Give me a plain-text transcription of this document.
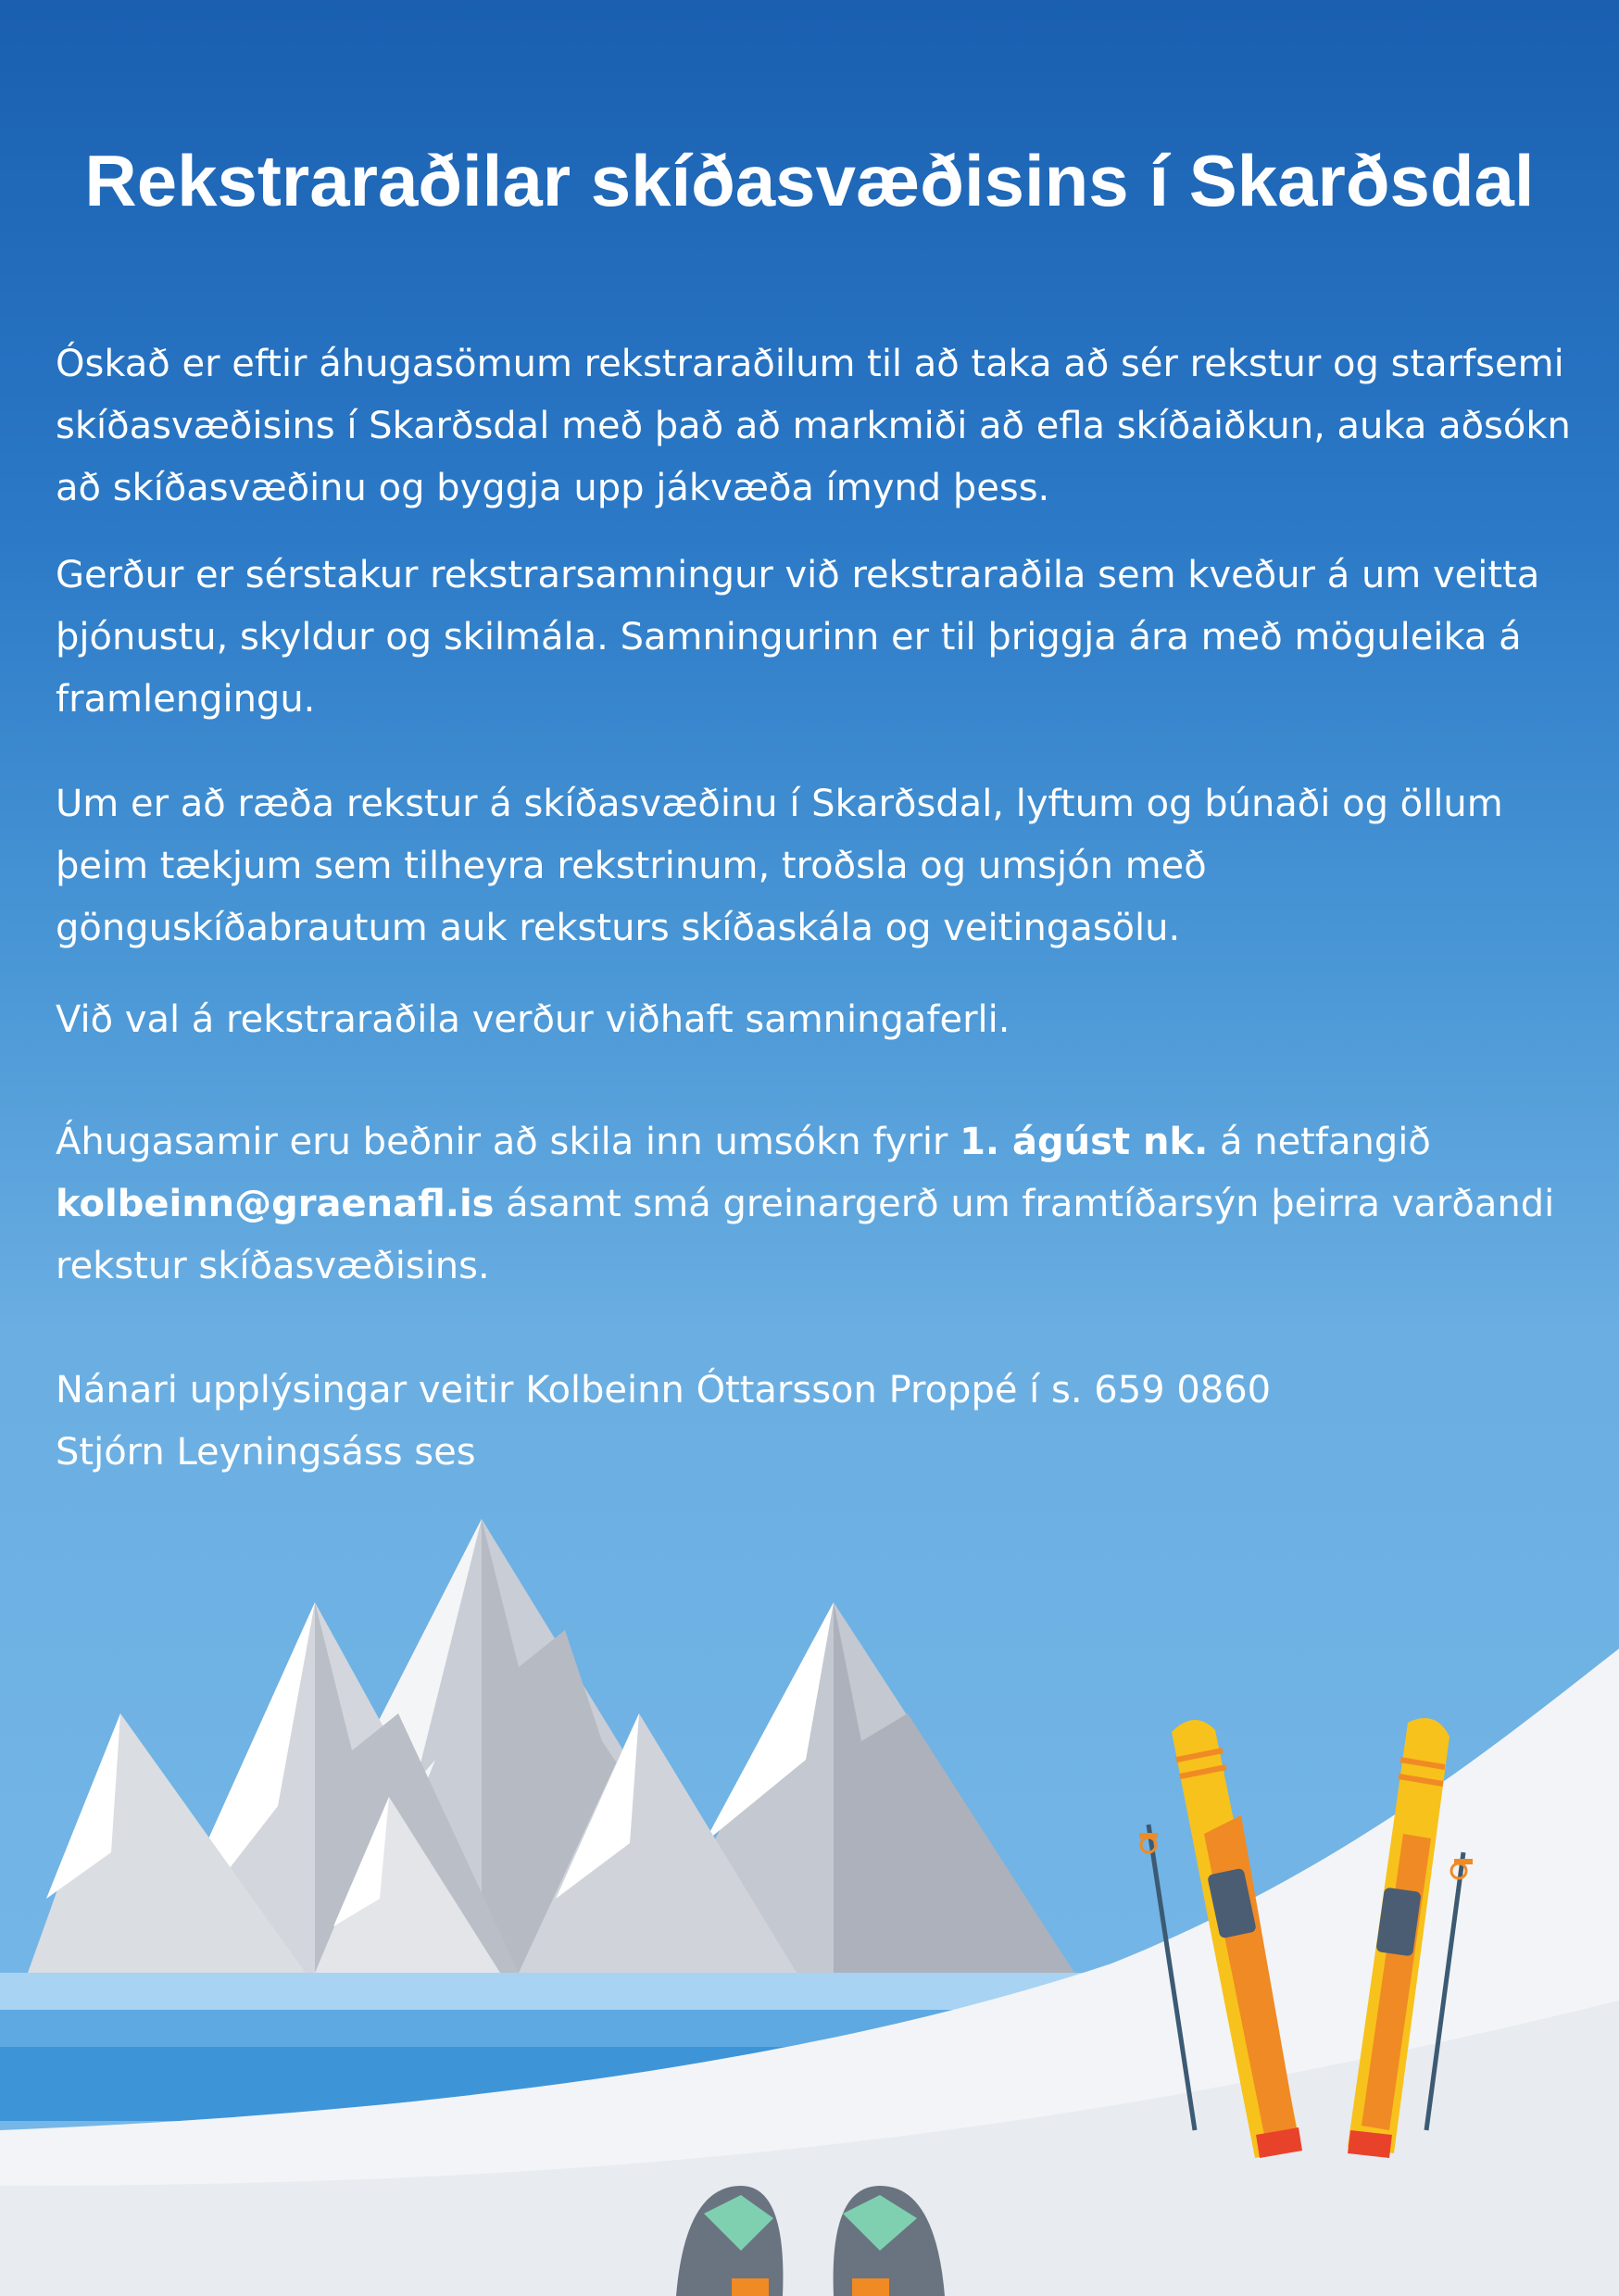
Rekstraraðilar skíðasvæðisins í Skarðsdal

Óskað er eftir áhugasömum rekstraraðilum til að taka að sér rekstur og starfsemi skíðasvæðisins í Skarðsdal með það að markmiði að efla skíðaiðkun, auka aðsókn að skíðasvæðinu og byggja upp jákvæða ímynd þess.

Gerður er sérstakur rekstrarsamningur við rekstraraðila sem kveður á um veitta þjónustu, skyldur og skilmála. Samningurinn er til þriggja ára með möguleika á framlengingu.

Um er að ræða rekstur á skíðasvæðinu í Skarðsdal, lyftum og búnaði og öllum þeim tækjum sem tilheyra rekstrinum, troðsla og umsjón með gönguskíðabrautum auk reksturs skíðaskála og veitingasölu.

Við val á rekstraraðila verður viðhaft samningaferli.

Áhugasamir eru beðnir að skila inn umsókn fyrir 1. ágúst nk. á netfangið kolbeinn@graenafl.is ásamt smá greinargerð um framtíðarsýn þeirra varðandi rekstur skíðasvæðisins.

Nánari upplýsingar veitir Kolbeinn Óttarsson Proppé í s. 659 0860

Stjórn Leyningsáss ses
